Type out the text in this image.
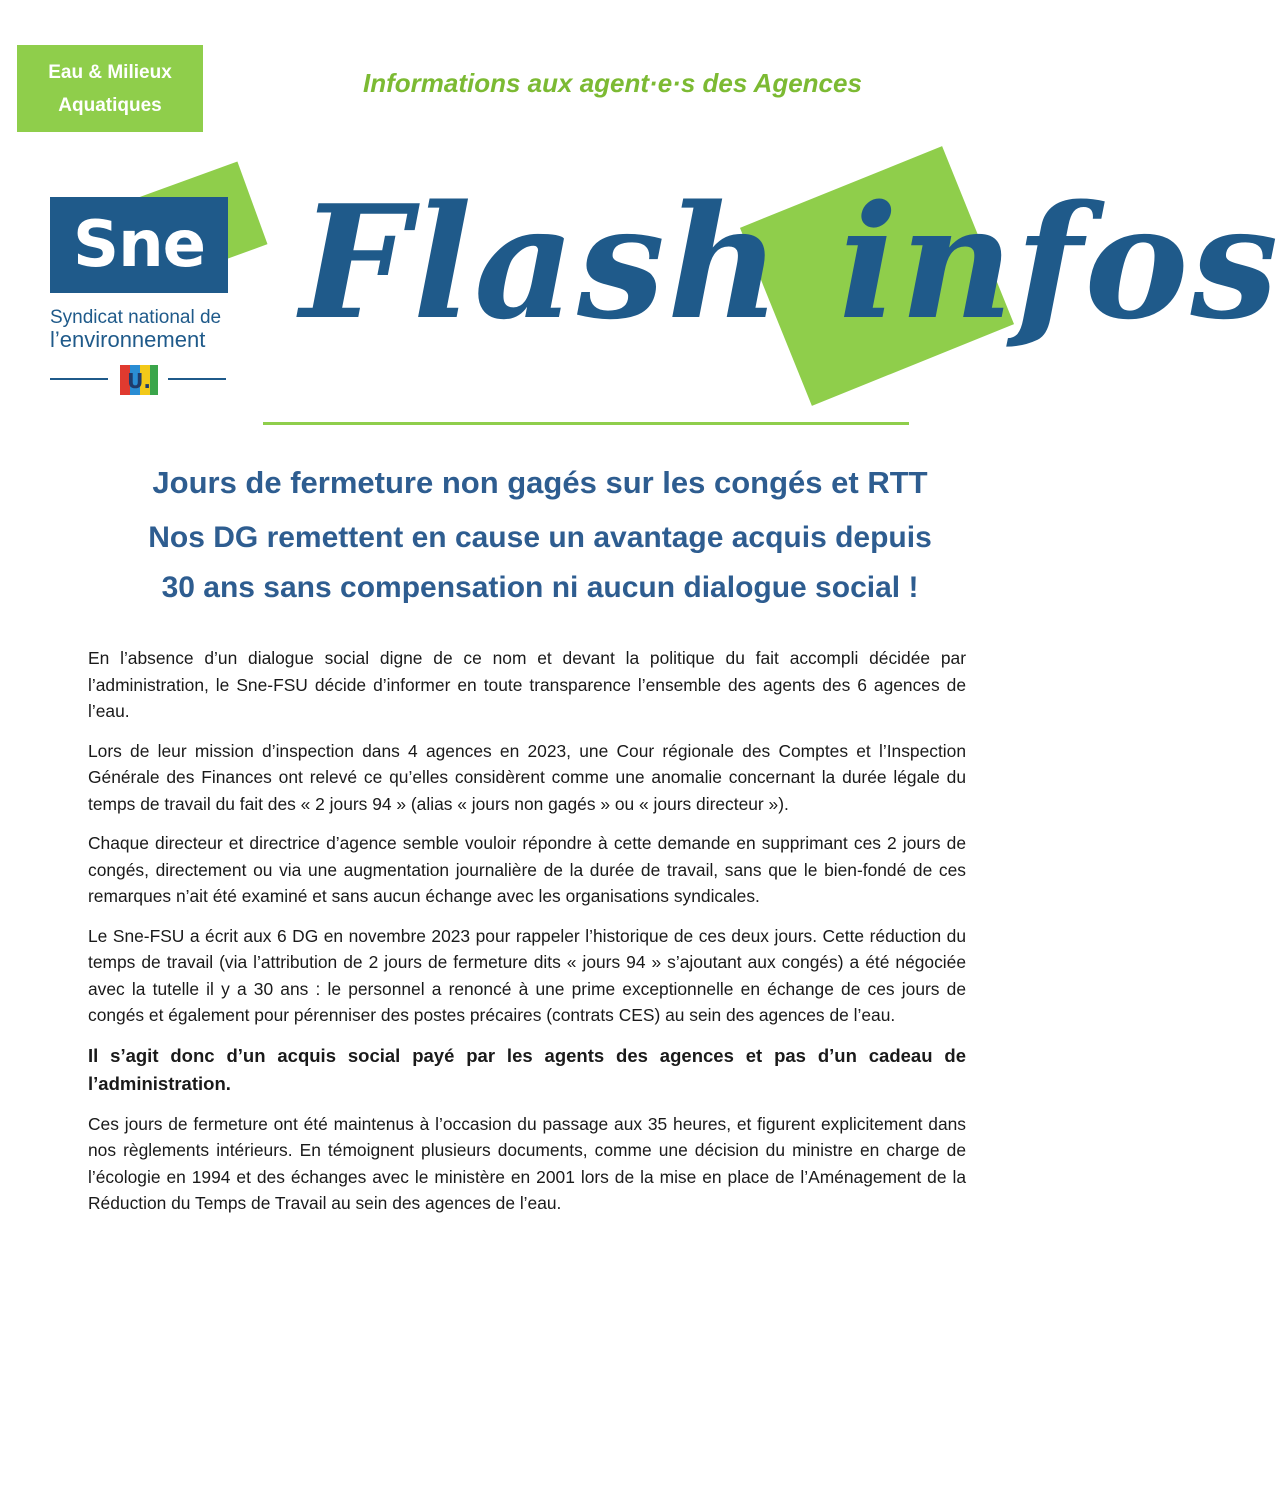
Eau & Milieux
Aquatiques
Informations aux agent·e·s des Agences
Sne
Syndicat national de
l’environnement
U.
Flash infos
Jours de fermeture non gagés sur les congés et RTT
Nos DG remettent en cause un avantage acquis depuis
30 ans sans compensation ni aucun dialogue social !

En l’absence d’un dialogue social digne de ce nom et devant la politique du fait accompli décidée par l’administration, le Sne-FSU décide d’informer en toute transparence l’ensemble des agents des 6 agences de l’eau.

Lors de leur mission d’inspection dans 4 agences en 2023, une Cour régionale des Comptes et l’Inspection Générale des Finances ont relevé ce qu’elles considèrent comme une anomalie concernant la durée légale du temps de travail du fait des « 2 jours 94 » (alias « jours non gagés » ou « jours directeur »).

Chaque directeur et directrice d’agence semble vouloir répondre à cette demande en supprimant ces 2 jours de congés, directement ou via une augmentation journalière de la durée de travail, sans que le bien-fondé de ces remarques n’ait été examiné et sans aucun échange avec les organisations syndicales.

Le Sne-FSU a écrit aux 6 DG en novembre 2023 pour rappeler l’historique de ces deux jours. Cette réduction du temps de travail (via l’attribution de 2 jours de fermeture dits « jours 94 » s’ajoutant aux congés) a été négociée avec la tutelle il y a 30 ans : le personnel a renoncé à une prime exceptionnelle en échange de ces jours de congés et également pour pérenniser des postes précaires (contrats CES) au sein des agences de l’eau.

Il s’agit donc d’un acquis social payé par les agents des agences et pas d’un cadeau de l’administration.

Ces jours de fermeture ont été maintenus à l’occasion du passage aux 35 heures, et figurent explicitement dans nos règlements intérieurs. En témoignent plusieurs documents, comme une décision du ministre en charge de l’écologie en 1994 et des échanges avec le ministère en 2001 lors de la mise en place de l’Aménagement de la Réduction du Temps de Travail au sein des agences de l’eau.
